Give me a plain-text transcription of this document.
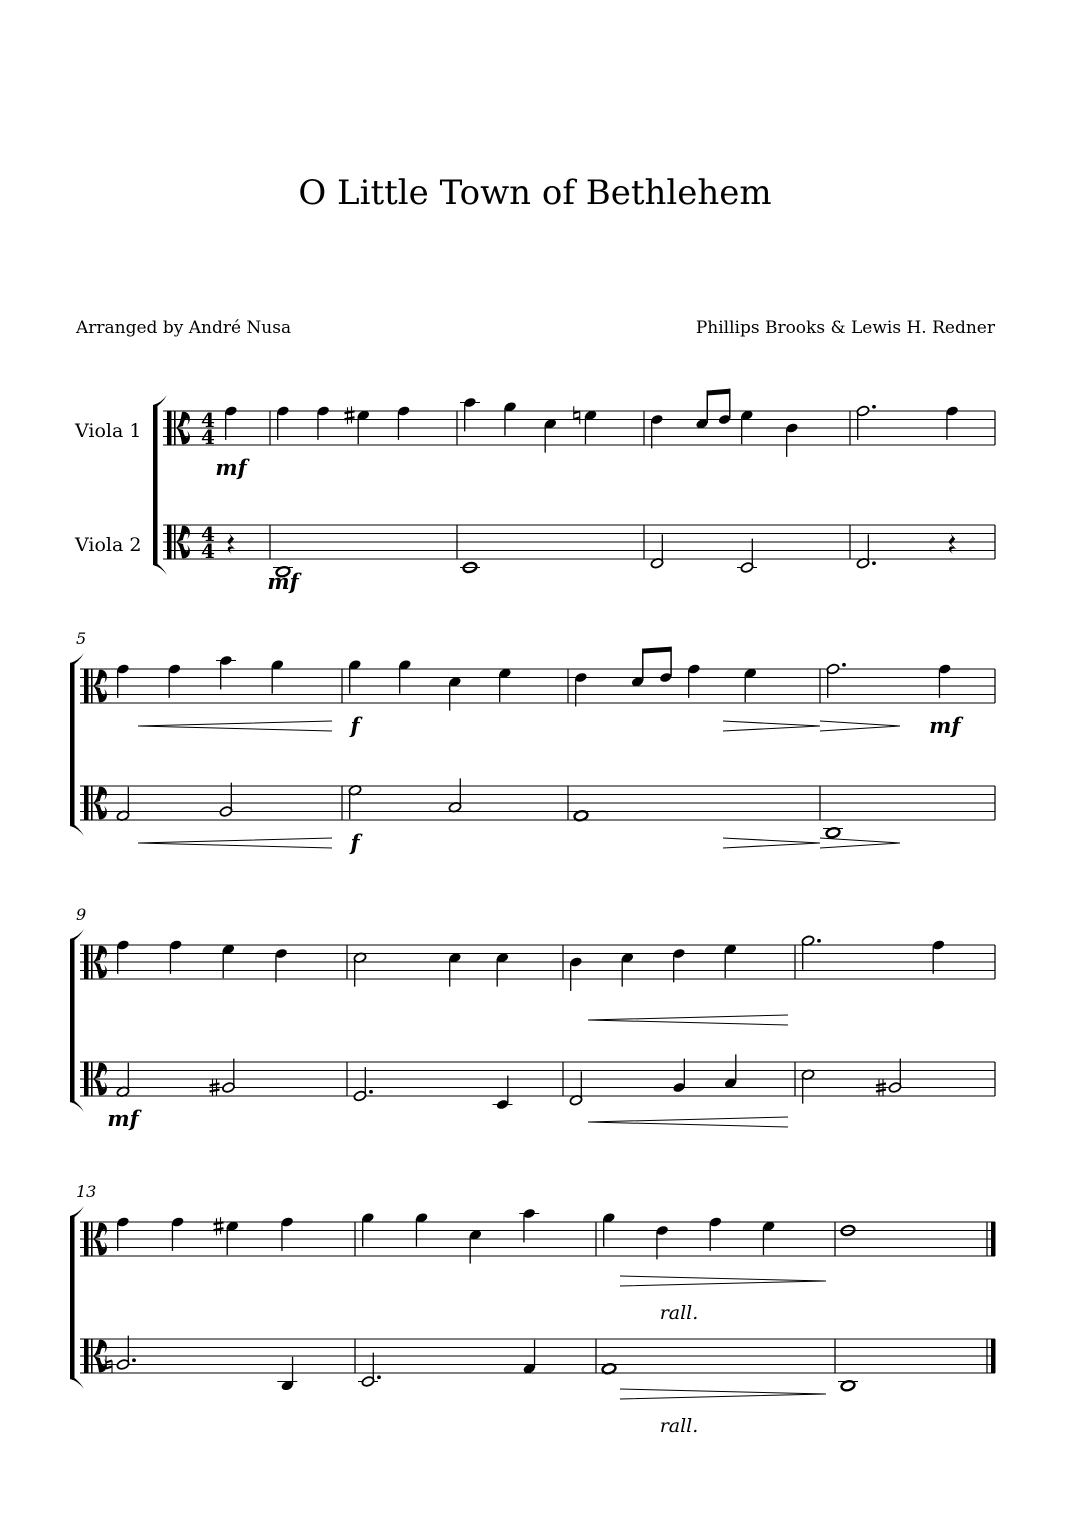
O Little Town of Bethlehem
Arranged by André Nusa	Phillips Brooks & Lewis H. Redner
Viola 1
Viola 2
5
9
13
rall.
rall.
4
4
4
4
mf
mf
f
f
mf
mf
